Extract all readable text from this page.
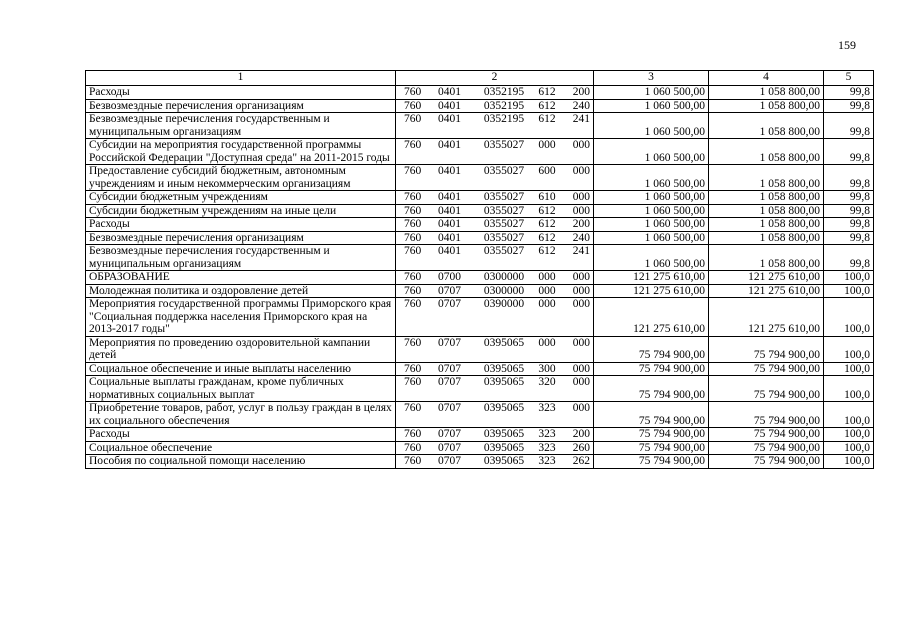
159
1	2	3	4	5
Расходы	760 0401 0352195 612 200	1 060 500,00	1 058 800,00	99,8
Безвозмездные перечисления организациям	760 0401 0352195 612 240	1 060 500,00	1 058 800,00	99,8
Безвозмездные перечисления государственным и муниципальным организациям	760 0401 0352195 612 241	1 060 500,00	1 058 800,00	99,8
Субсидии на мероприятия государственной программы Российской Федерации "Доступная среда" на 2011-2015 годы	760 0401 0355027 000 000	1 060 500,00	1 058 800,00	99,8
Предоставление субсидий бюджетным, автономным учреждениям и иным некоммерческим организациям	760 0401 0355027 600 000	1 060 500,00	1 058 800,00	99,8
Субсидии бюджетным учреждениям	760 0401 0355027 610 000	1 060 500,00	1 058 800,00	99,8
Субсидии бюджетным учреждениям на иные цели	760 0401 0355027 612 000	1 060 500,00	1 058 800,00	99,8
Расходы	760 0401 0355027 612 200	1 060 500,00	1 058 800,00	99,8
Безвозмездные перечисления организациям	760 0401 0355027 612 240	1 060 500,00	1 058 800,00	99,8
Безвозмездные перечисления государственным и муниципальным организациям	760 0401 0355027 612 241	1 060 500,00	1 058 800,00	99,8
ОБРАЗОВАНИЕ	760 0700 0300000 000 000	121 275 610,00	121 275 610,00	100,0
Молодежная политика и оздоровление детей	760 0707 0300000 000 000	121 275 610,00	121 275 610,00	100,0
Мероприятия государственной программы Приморского края "Социальная поддержка населения Приморского края на 2013-2017 годы"	760 0707 0390000 000 000	121 275 610,00	121 275 610,00	100,0
Мероприятия по проведению оздоровительной кампании детей	760 0707 0395065 000 000	75 794 900,00	75 794 900,00	100,0
Социальное обеспечение и иные выплаты населению	760 0707 0395065 300 000	75 794 900,00	75 794 900,00	100,0
Социальные выплаты гражданам, кроме публичных нормативных социальных выплат	760 0707 0395065 320 000	75 794 900,00	75 794 900,00	100,0
Приобретение товаров, работ, услуг в пользу граждан в целях их социального обеспечения	760 0707 0395065 323 000	75 794 900,00	75 794 900,00	100,0
Расходы	760 0707 0395065 323 200	75 794 900,00	75 794 900,00	100,0
Социальное обеспечение	760 0707 0395065 323 260	75 794 900,00	75 794 900,00	100,0
Пособия по социальной помощи населению	760 0707 0395065 323 262	75 794 900,00	75 794 900,00	100,0
